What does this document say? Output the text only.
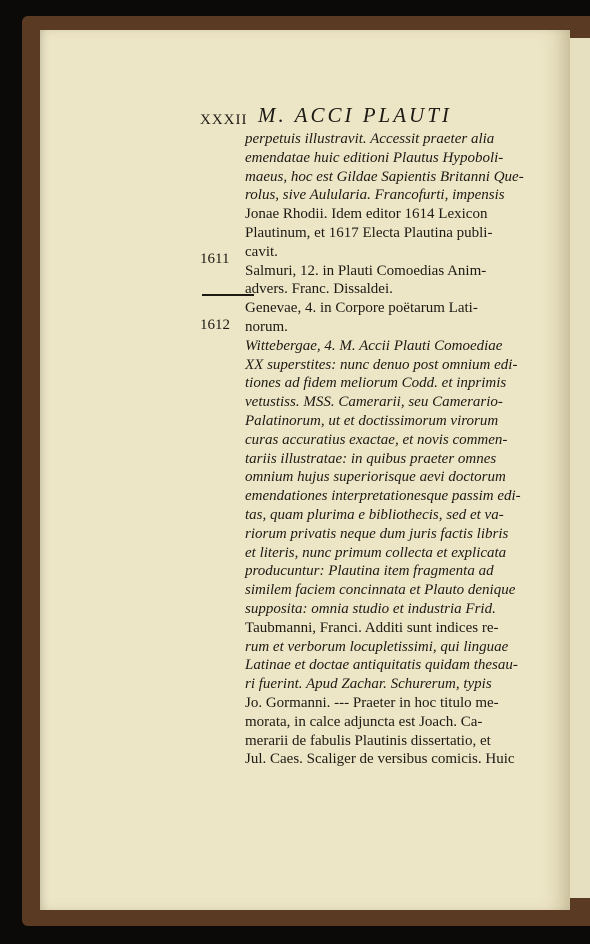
XXXII M. ACCI PLAUTI
1611
1612
perpetuis illustravit. Accessit praeter alia
emendatae huic editioni Plautus Hypoboli-
maeus, hoc est Gildae Sapientis Britanni Que-
rolus, sive Aulularia. Francofurti, impensis
Jonae Rhodii. Idem editor 1614 Lexicon
Plautinum, et 1617 Electa Plautina publi-
cavit.
Salmuri, 12. in Plauti Comoedias Anim-
advers. Franc. Dissaldei.
Genevae, 4. in Corpore poëtarum Lati-
norum.
Wittebergae, 4. M. Accii Plauti Comoediae
XX superstites: nunc denuo post omnium edi-
tiones ad fidem meliorum Codd. et inprimis
vetustiss. MSS. Camerarii, seu Camerario-
Palatinorum, ut et doctissimorum virorum
curas accuratius exactae, et novis commen-
tariis illustratae: in quibus praeter omnes
omnium hujus superiorisque aevi doctorum
emendationes interpretationesque passim edi-
tas, quam plurima e bibliothecis, sed et va-
riorum privatis neque dum juris factis libris
et literis, nunc primum collecta et explicata
producuntur: Plautina item fragmenta ad
similem faciem concinnata et Plauto denique
supposita: omnia studio et industria Frid.
Taubmanni, Franci. Additi sunt indices re-
rum et verborum locupletissimi, qui linguae
Latinae et doctae antiquitatis quidam thesau-
ri fuerint. Apud Zachar. Schurerum, typis
Jo. Gormanni. --- Praeter in hoc titulo me-
morata, in calce adjuncta est Joach. Ca-
merarii de fabulis Plautinis dissertatio, et
Jul. Caes. Scaliger de versibus comicis. Huic
